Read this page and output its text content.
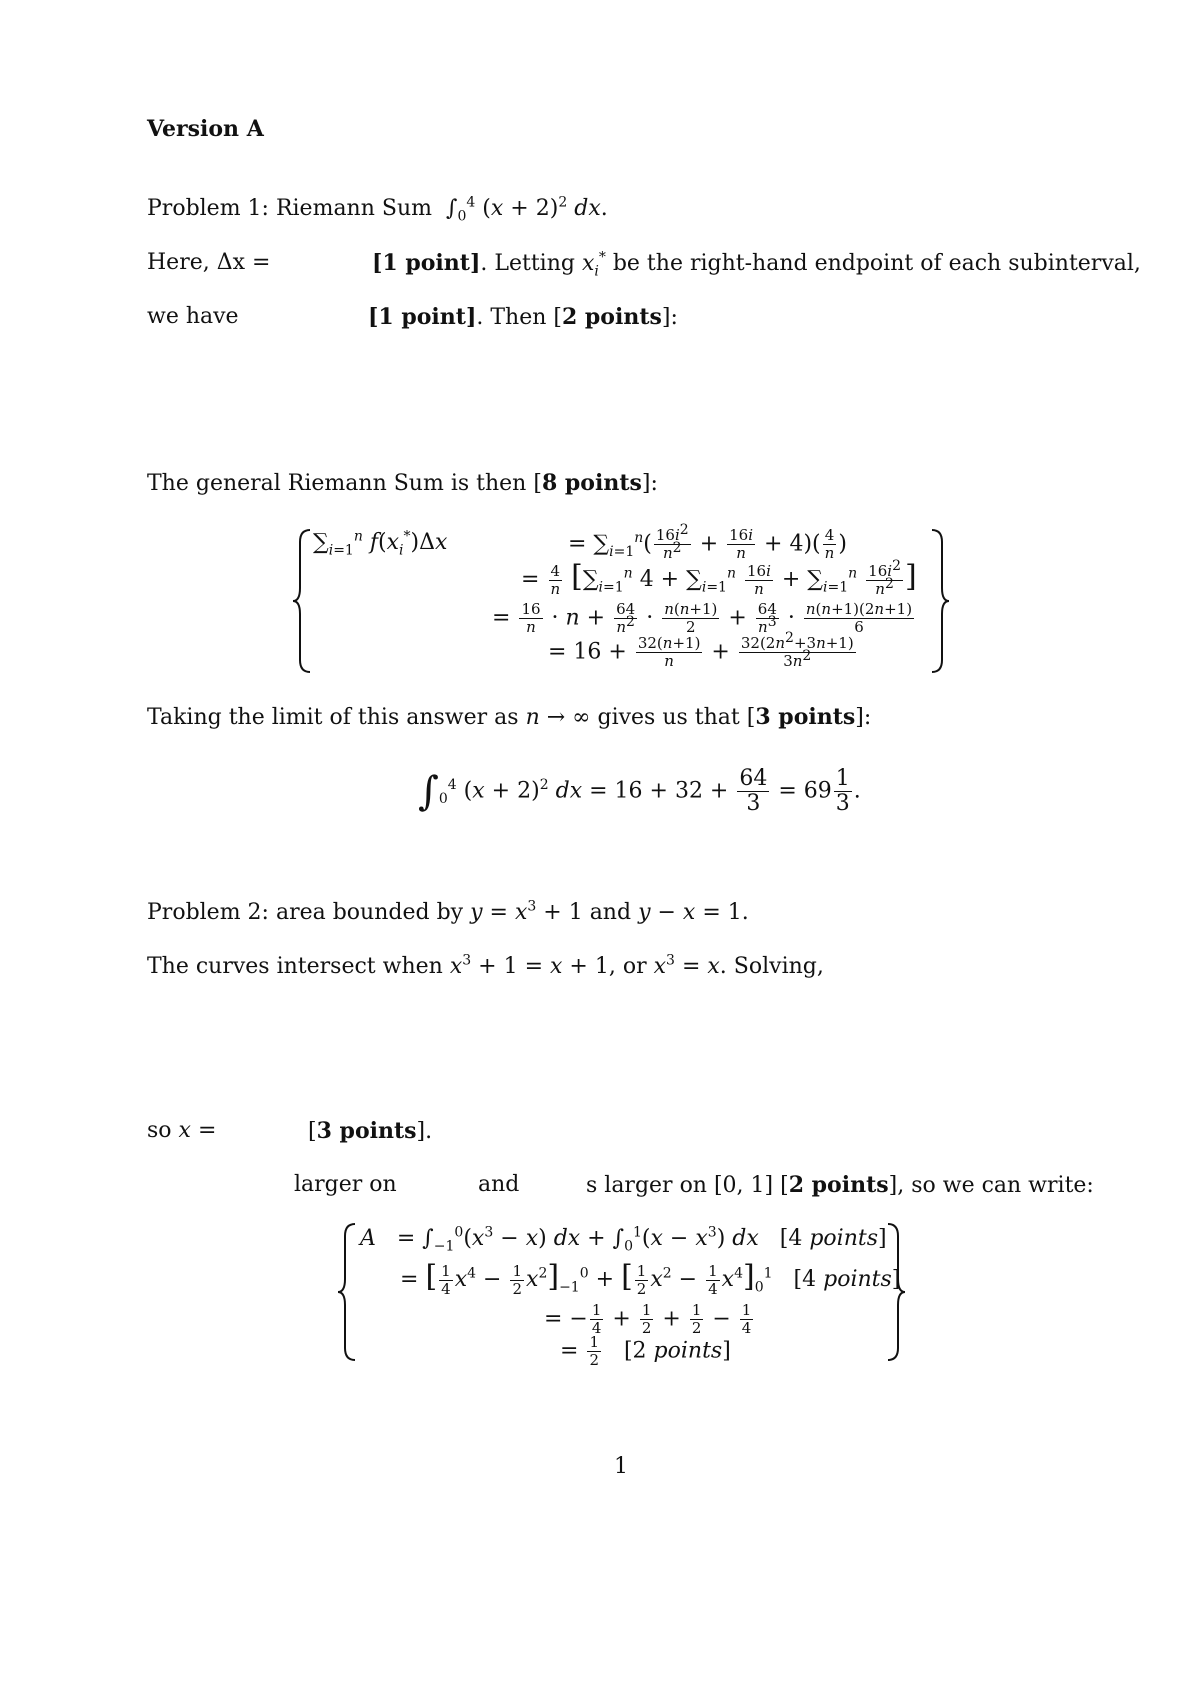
Version A
Problem 1: Riemann Sum  $\int_0^4$ $(x + 2)^2$ dx.
Here, Δx =	[1 point]. Letting $x_i^*$ be the right-hand endpoint of each subinterval,
we have	[1 point]. Then [2 points]:
The general Riemann Sum is then [8 points]:
$\sum_{i=1}^n$ $f(x_i^*)\Delta x$	= $\sum_{i=1}^n( \frac{16i^2}{n^2} + \frac{16i}{n} + 4)( \frac{4}{n}$ )
= $\frac{4}{n} [\sum_{i=1}^n$ $4 + \sum_{i=1}^n \frac{16i}{n} + \sum_{i=1}^n \frac{16i^2}{n^2}$ ]
= $\frac{16}{n} \cdot n + \frac{64}{n^2} \cdot \frac{n(n+1)}{2} + \frac{64}{n^3} \cdot \frac{n(n+1)(2n+1)}{6}$
= $16 + \frac{32(n+1)}{n} + \frac{32(2n^2+3n+1)}{3n^2}$
Taking the limit of this answer as n → ∞ gives us that [3 points]:
$\int_0^4$ $(x + 2)^2$ dx = $16 + 32 + \frac{64}{3} = 69 \frac{1}{3}$ .
Problem 2: area bounded by $y = x^3 + 1$ and y − x = 1.
The curves intersect when $x^3 + 1 = x + 1$, or $x^3 = x$. Solving,
so x =	[3 points].
larger on	and	s larger on [0, 1] [2 points], so we can write:
$A = \int_{-1}^0(x^3 - x)$ dx + $\int_0^1(x - x^3)$ dx   [4 points]
= [ $\frac{1}{4} x^4 - \frac{1}{2} x^2]_{-1}^0$ + [ $\frac{1}{2} x^2 - \frac{1}{4} x^4]_0^1$   [4 points]
= − $\frac{1}{4} + \frac{1}{2} + \frac{1}{2} - \frac{1}{4}$
= $\frac{1}{2} [2$ points]
1
